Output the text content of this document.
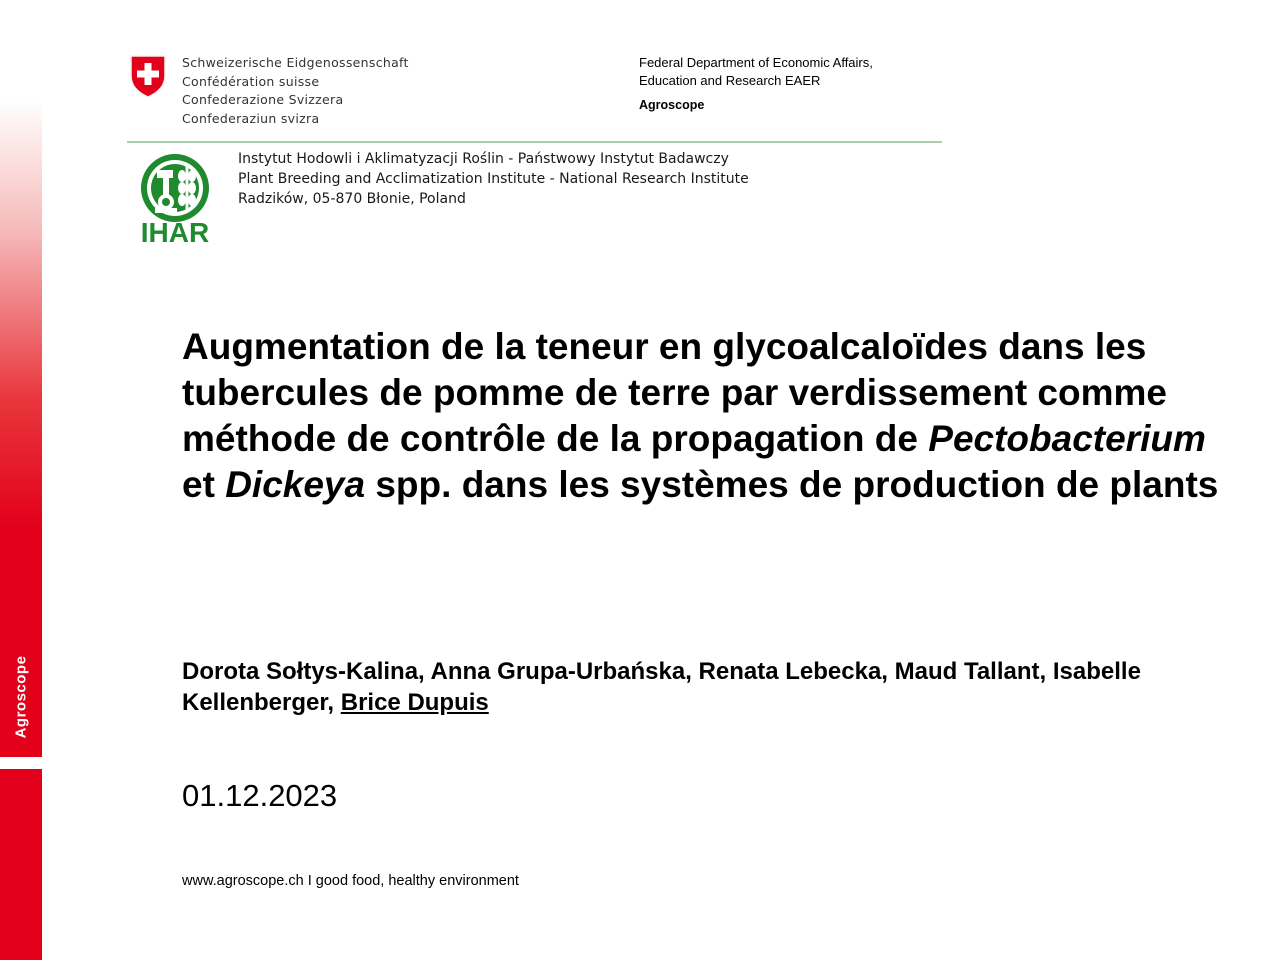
Agroscope
Schweizerische Eidgenossenschaft
Confédération suisse
Confederazione Svizzera
Confederaziun svizra
Federal Department of Economic Affairs,
Education and Research EAER
Agroscope
IHAR
Instytut Hodowli i Aklimatyzacji Roślin - Państwowy Instytut Badawczy
Plant Breeding and Acclimatization Institute - National Research Institute
Radzików, 05-870 Błonie, Poland
Augmentation de la teneur en glycoalcaloïdes dans les tubercules de pomme de terre par verdissement comme méthode de contrôle de la propagation de Pectobacterium et Dickeya spp. dans les systèmes de production de plants
Dorota Sołtys-Kalina, Anna Grupa-Urbańska, Renata Lebecka, Maud Tallant, Isabelle Kellenberger, Brice Dupuis
01.12.2023
www.agroscope.ch I good food, healthy environment
